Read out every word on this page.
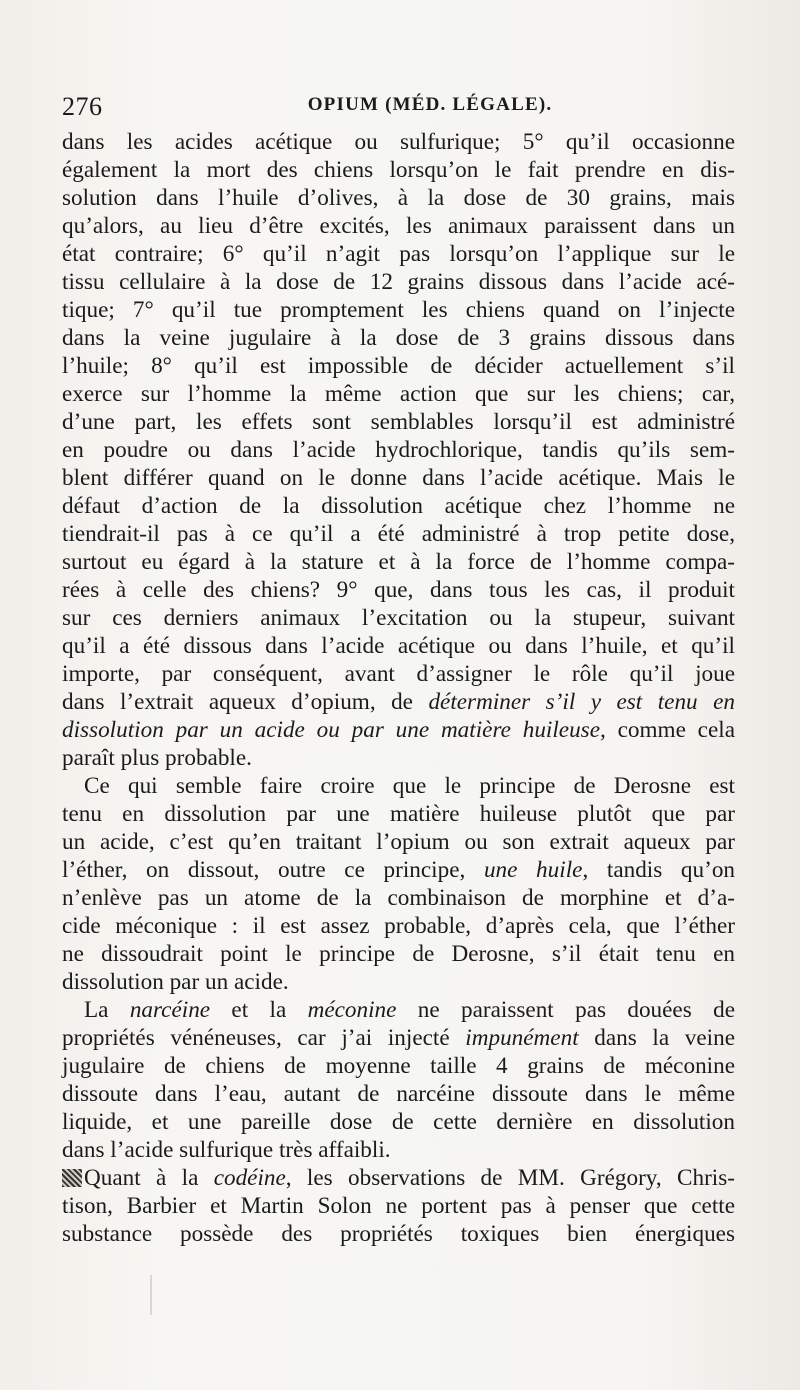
276	OPIUM (MÉD. LÉGALE).
dans les acides acétique ou sulfurique; 5° qu’il occasionne
également la mort des chiens lorsqu’on le fait prendre en dis-
solution dans l’huile d’olives, à la dose de 30 grains, mais
qu’alors, au lieu d’être excités, les animaux paraissent dans un
état contraire; 6° qu’il n’agit pas lorsqu’on l’applique sur le
tissu cellulaire à la dose de 12 grains dissous dans l’acide acé-
tique; 7° qu’il tue promptement les chiens quand on l’injecte
dans la veine jugulaire à la dose de 3 grains dissous dans
l’huile; 8° qu’il est impossible de décider actuellement s’il
exerce sur l’homme la même action que sur les chiens; car,
d’une part, les effets sont semblables lorsqu’il est administré
en poudre ou dans l’acide hydrochlorique, tandis qu’ils sem-
blent différer quand on le donne dans l’acide acétique. Mais le
défaut d’action de la dissolution acétique chez l’homme ne
tiendrait-il pas à ce qu’il a été administré à trop petite dose,
surtout eu égard à la stature et à la force de l’homme compa-
rées à celle des chiens? 9° que, dans tous les cas, il produit
sur ces derniers animaux l’excitation ou la stupeur, suivant
qu’il a été dissous dans l’acide acétique ou dans l’huile, et qu’il
importe, par conséquent, avant d’assigner le rôle qu’il joue
dans l’extrait aqueux d’opium, de déterminer s’il y est tenu en
dissolution par un acide ou par une matière huileuse, comme cela
paraît plus probable.
Ce qui semble faire croire que le principe de Derosne est
tenu en dissolution par une matière huileuse plutôt que par
un acide, c’est qu’en traitant l’opium ou son extrait aqueux par
l’éther, on dissout, outre ce principe, une huile, tandis qu’on
n’enlève pas un atome de la combinaison de morphine et d’a-
cide méconique : il est assez probable, d’après cela, que l’éther
ne dissoudrait point le principe de Derosne, s’il était tenu en
dissolution par un acide.
La narcéine et la méconine ne paraissent pas douées de
propriétés vénéneuses, car j’ai injecté impunément dans la veine
jugulaire de chiens de moyenne taille 4 grains de méconine
dissoute dans l’eau, autant de narcéine dissoute dans le même
liquide, et une pareille dose de cette dernière en dissolution
dans l’acide sulfurique très affaibli.
Quant à la codéine, les observations de MM. Grégory, Chris-
tison, Barbier et Martin Solon ne portent pas à penser que cette
substance possède des propriétés toxiques bien énergiques
